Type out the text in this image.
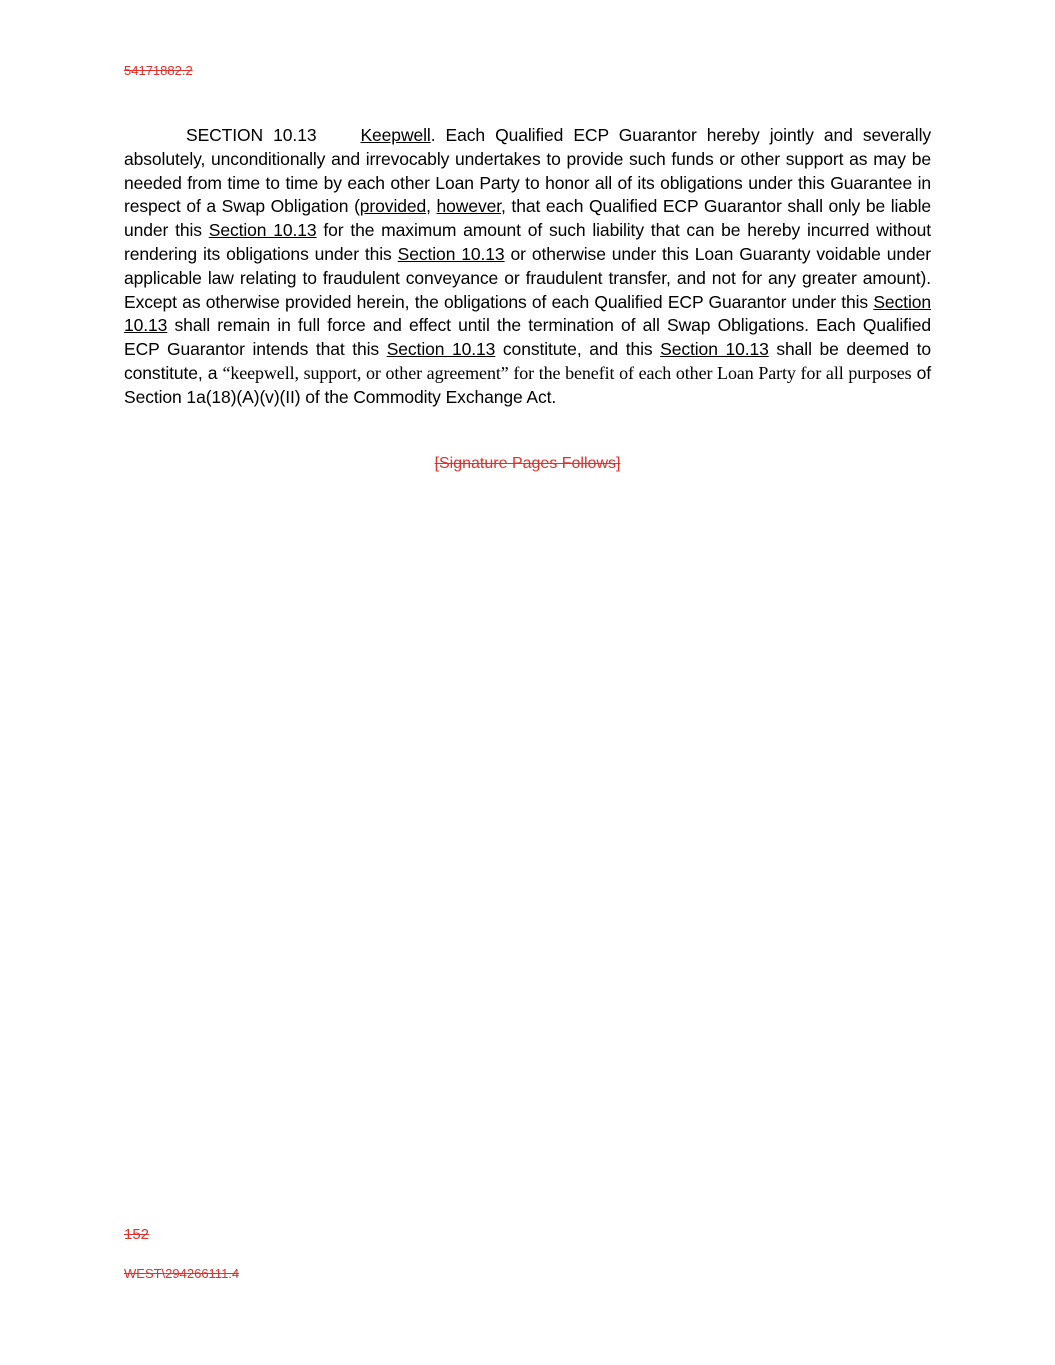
54171882.2
SECTION 10.13	Keepwell. Each Qualified ECP Guarantor hereby jointly and severally absolutely, unconditionally and irrevocably undertakes to provide such funds or other support as may be needed from time to time by each other Loan Party to honor all of its obligations under this Guarantee in respect of a Swap Obligation (provided, however, that each Qualified ECP Guarantor shall only be liable under this Section 10.13 for the maximum amount of such liability that can be hereby incurred without rendering its obligations under this Section 10.13 or otherwise under this Loan Guaranty voidable under applicable law relating to fraudulent conveyance or fraudulent transfer, and not for any greater amount). Except as otherwise provided herein, the obligations of each Qualified ECP Guarantor under this Section 10.13 shall remain in full force and effect until the termination of all Swap Obligations. Each Qualified ECP Guarantor intends that this Section 10.13 constitute, and this Section 10.13 shall be deemed to constitute, a “keepwell, support, or other agreement” for the benefit of each other Loan Party for all purposes of Section 1a(18)(A)(v)(II) of the Commodity Exchange Act.
[Signature Pages Follows]
152
WEST\294266111.4
